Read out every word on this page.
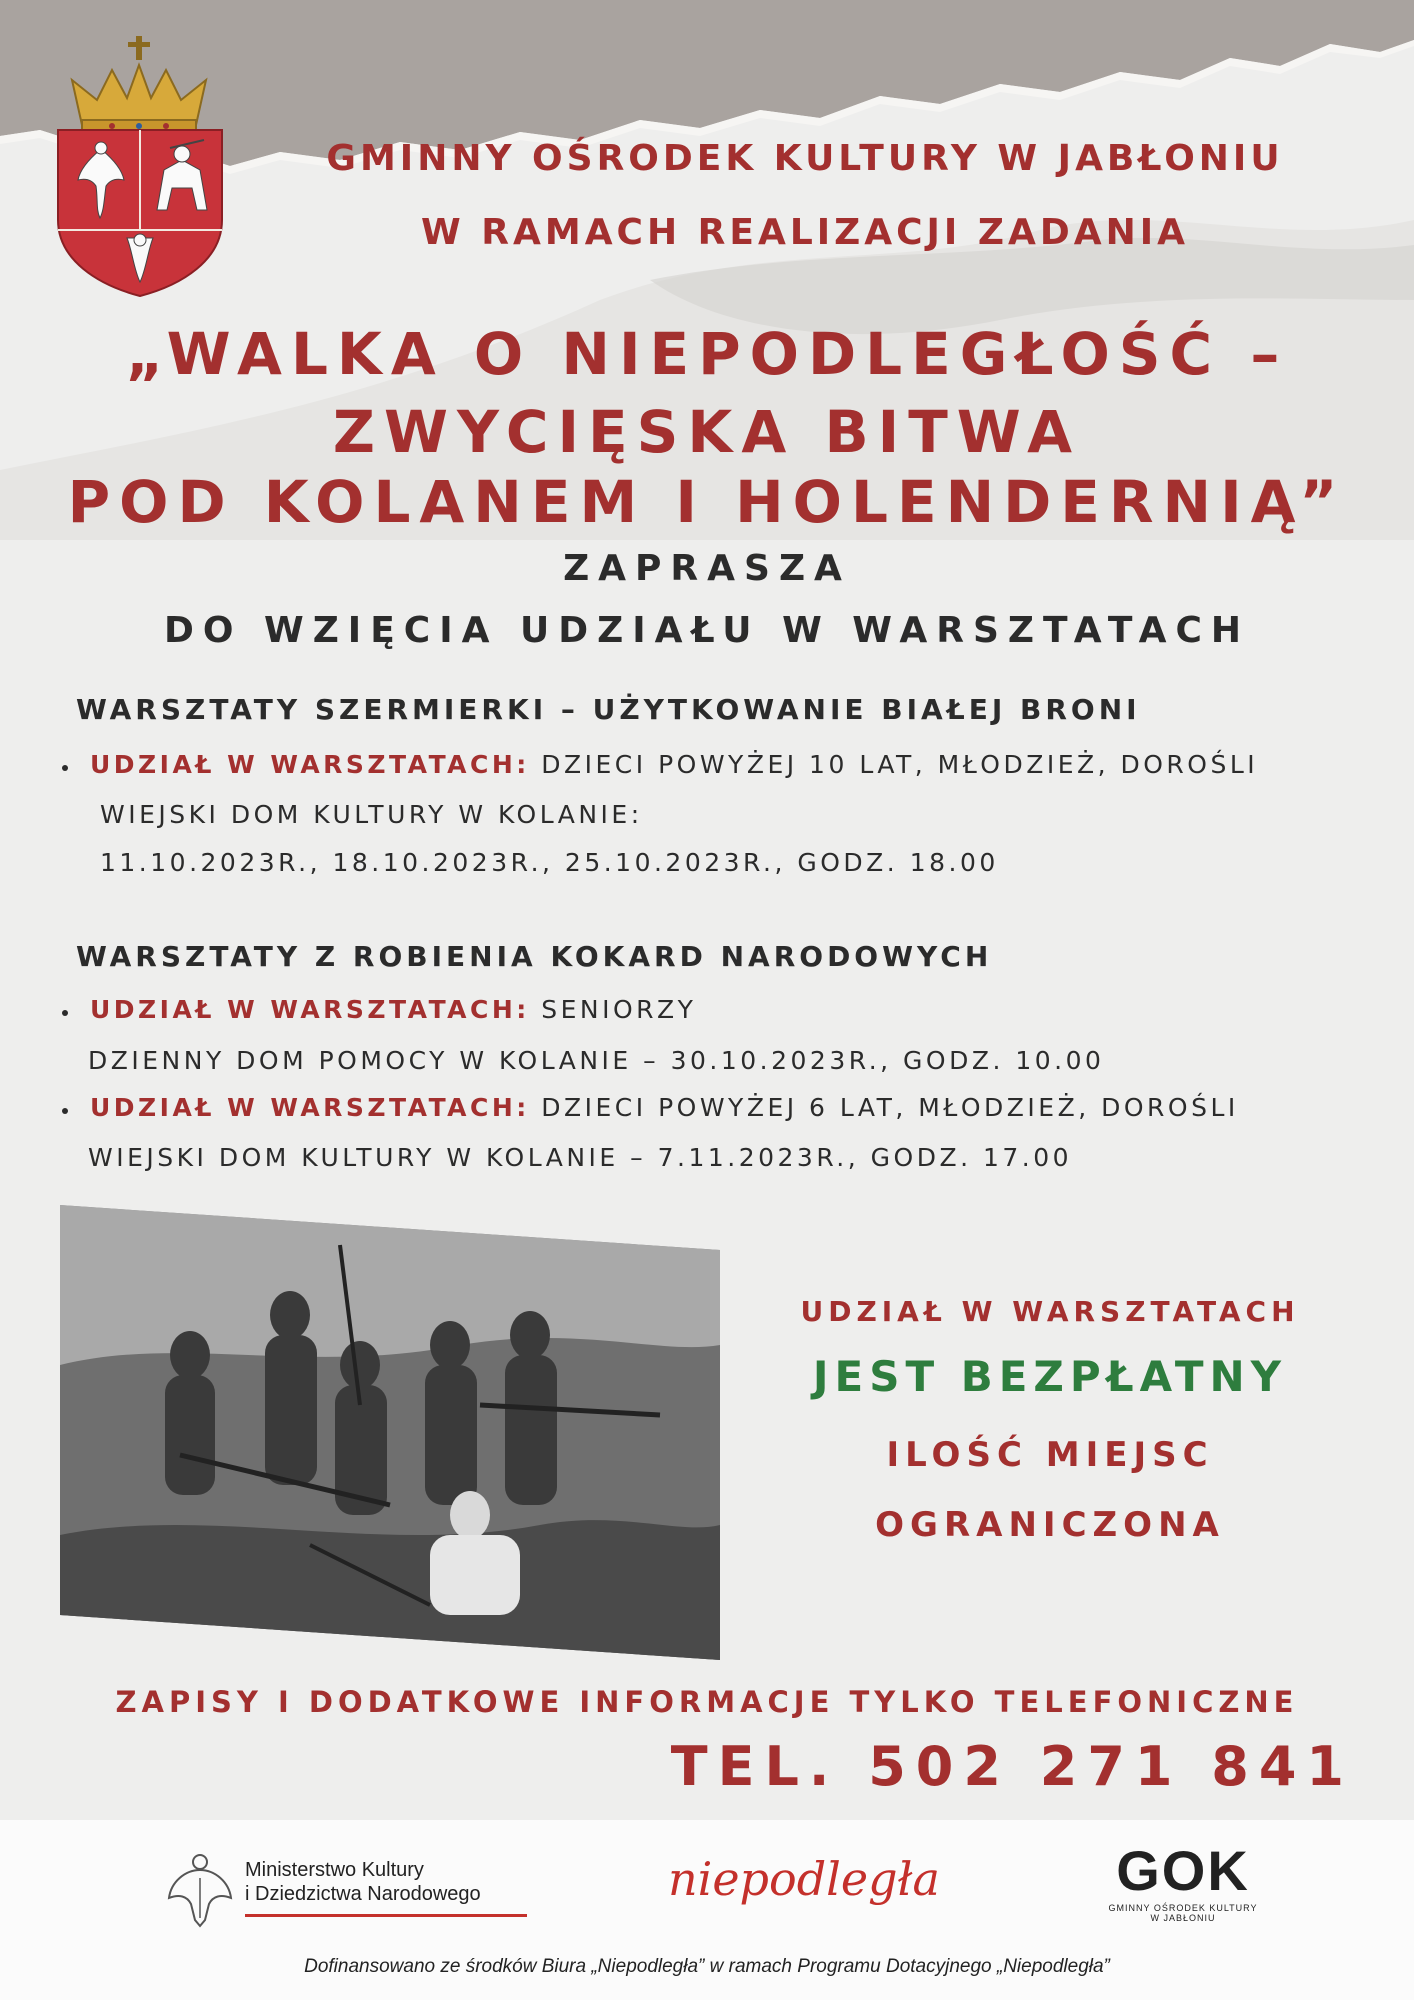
GMINNY OŚRODEK KULTURY W JABŁONIU
W RAMACH REALIZACJI ZADANIA
„WALKA O NIEPODLEGŁOŚĆ –
ZWYCIĘSKA BITWA
POD KOLANEM I HOLENDERNIĄ”
ZAPRASZA
DO WZIĘCIA UDZIAŁU W WARSZTATACH
WARSZTATY SZERMIERKI – UŻYTKOWANIE BIAŁEJ BRONI
UDZIAŁ W WARSZTATACH: DZIECI POWYŻEJ 10 LAT, MŁODZIEŻ, DOROŚLI
WIEJSKI DOM KULTURY W KOLANIE:
11.10.2023R., 18.10.2023R., 25.10.2023R., GODZ. 18.00
WARSZTATY Z ROBIENIA KOKARD NARODOWYCH
UDZIAŁ W WARSZTATACH: SENIORZY
DZIENNY DOM POMOCY W KOLANIE – 30.10.2023R., GODZ. 10.00
UDZIAŁ W WARSZTATACH: DZIECI POWYŻEJ 6 LAT, MŁODZIEŻ, DOROŚLI
WIEJSKI DOM KULTURY W KOLANIE – 7.11.2023R., GODZ. 17.00
UDZIAŁ W WARSZTATACH
JEST BEZPŁATNY
ILOŚĆ MIEJSC
OGRANICZONA
ZAPISY I DODATKOWE INFORMACJE TYLKO TELEFONICZNE
TEL. 502 271 841
Ministerstwo Kultury
i Dziedzictwa Narodowego	niepodległa	GOK
GMINNY OŚRODEK KULTURY
W JABŁONIU
Dofinansowano ze środków Biura „Niepodległa” w ramach Programu Dotacyjnego „Niepodległa”
